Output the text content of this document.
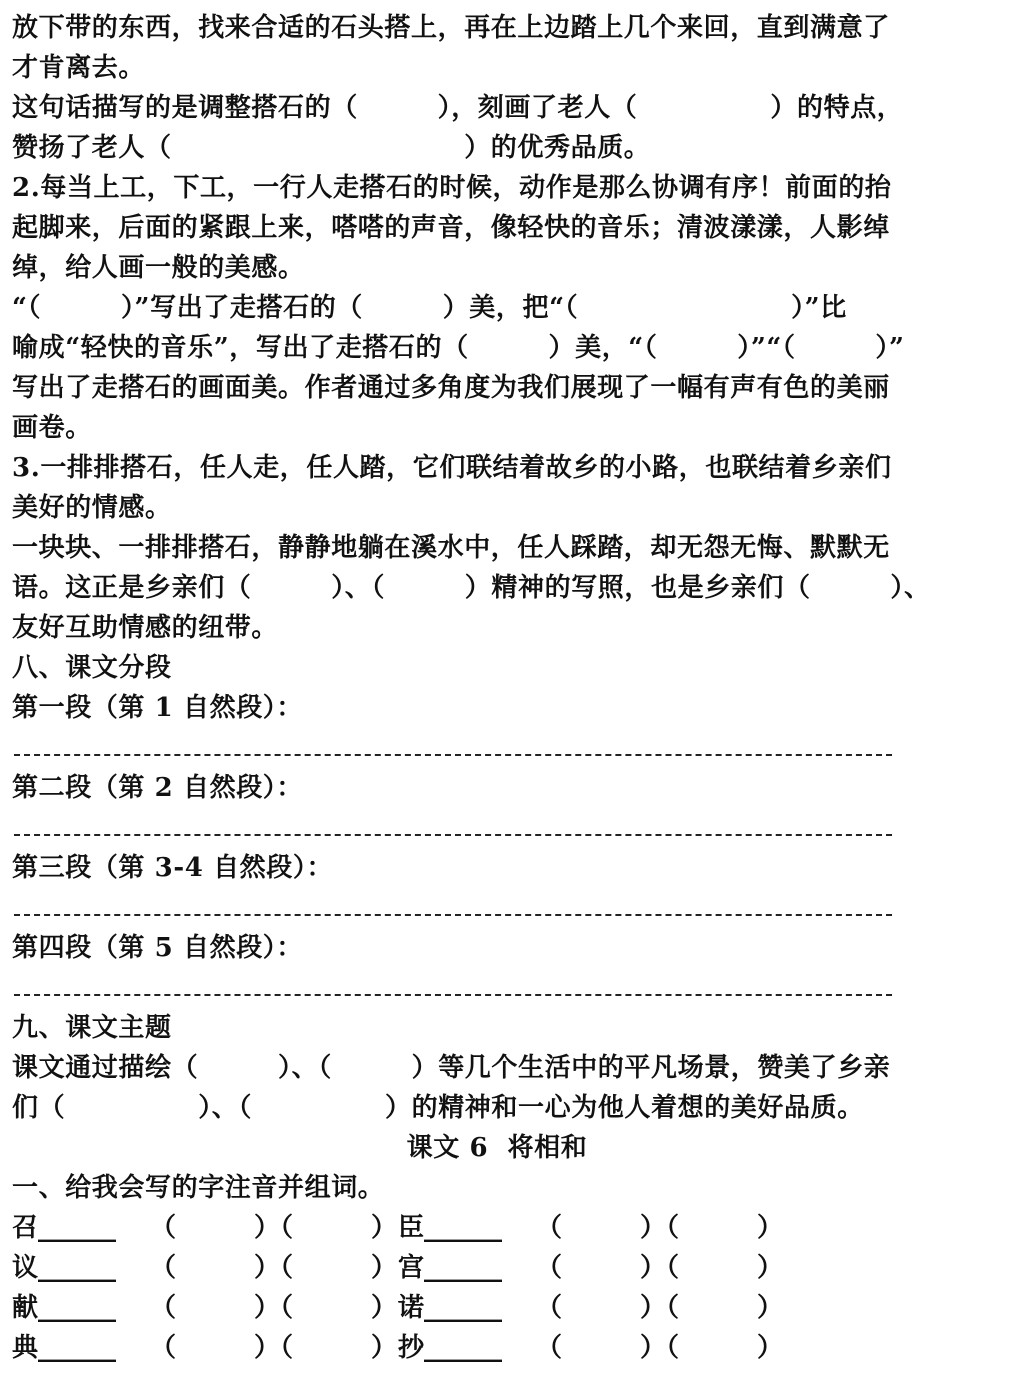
放下带的东西，找来合适的石头搭上，再在上边踏上几个来回，直到满意了
才肯离去。
这句话描写的是调整搭石的（　　　），刻画了老人（　　　　　）的特点，
赞扬了老人（　　　　　　　　　　　）的优秀品质。
2.每当上工，下工，一行人走搭石的时候，动作是那么协调有序！前面的抬
起脚来，后面的紧跟上来，嗒嗒的声音，像轻快的音乐；清波漾漾，人影绰
绰，给人画一般的美感。
“（　　　）”写出了走搭石的（　　　）美，把“（　　　　　　　　）”比
喻成“轻快的音乐”，写出了走搭石的（　　　）美，“（　　　）”“（　　　）”
写出了走搭石的画面美。作者通过多角度为我们展现了一幅有声有色的美丽
画卷。
3.一排排搭石，任人走，任人踏，它们联结着故乡的小路，也联结着乡亲们
美好的情感。
一块块、一排排搭石，静静地躺在溪水中，任人踩踏，却无怨无悔、默默无
语。这正是乡亲们（　　　）、（　　　）精神的写照，也是乡亲们（　　　）、
友好互助情感的纽带。
八、课文分段
第一段（第 1 自然段）：
第二段（第 2 自然段）：
第三段（第 3-4 自然段）：
第四段（第 5 自然段）：
九、课文主题
课文通过描绘（　　　）、（　　　）等几个生活中的平凡场景，赞美了乡亲
们（　　　　　）、（　　　　　）的精神和一心为他人着想的美好品质。
课文 6  将相和
一、给我会写的字注音并组词。
召______ （　　　）（　　　） 臣______ （　　　）（　　　）
议______ （　　　）（　　　） 宫______ （　　　）（　　　）
献______ （　　　）（　　　） 诺______ （　　　）（　　　）
典______ （　　　）（　　　） 抄______ （　　　）（　　　）
